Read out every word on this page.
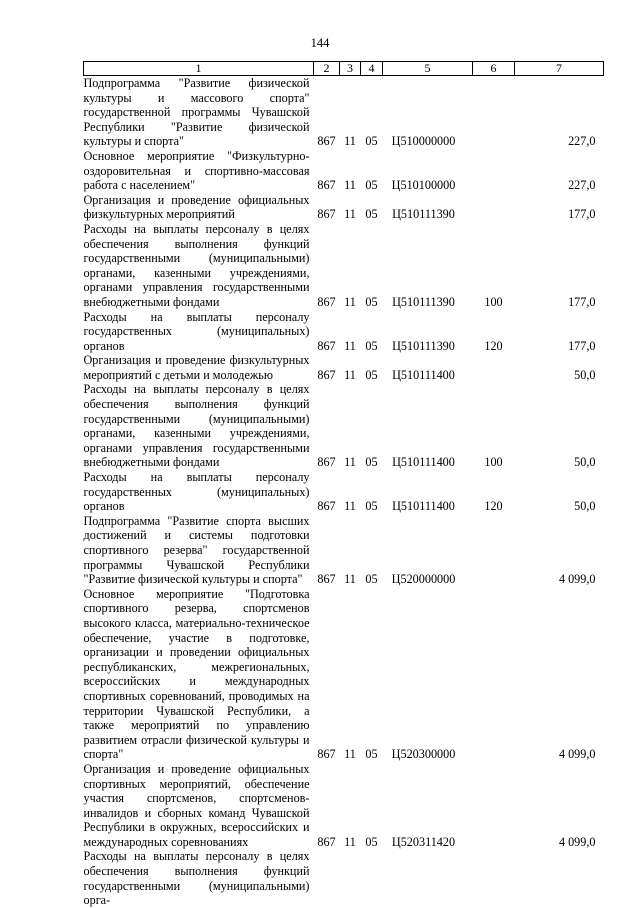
144
1	2	3	4	5	6	7
Подпрограмма "Развитие физической культуры и массового спорта" государственной программы Чувашской Республики "Развитие физической культуры и спорта"	867	11	05	Ц510000000		227,0
Основное мероприятие "Физкультурно-оздоровительная и спортивно-массовая работа с населением"	867	11	05	Ц510100000		227,0
Организация и проведение официальных физкультурных мероприятий	867	11	05	Ц510111390		177,0
Расходы на выплаты персоналу в целях обеспечения выполнения функций государственными (муниципальными) органами, казенными учреждениями, органами управления государственными внебюджетными фондами	867	11	05	Ц510111390	100	177,0
Расходы на выплаты персоналу государственных (муниципальных) органов	867	11	05	Ц510111390	120	177,0
Организация и проведение физкультурных мероприятий с детьми и молодежью	867	11	05	Ц510111400		50,0
Расходы на выплаты персоналу в целях обеспечения выполнения функций государственными (муниципальными) органами, казенными учреждениями, органами управления государственными внебюджетными фондами	867	11	05	Ц510111400	100	50,0
Расходы на выплаты персоналу государственных (муниципальных) органов	867	11	05	Ц510111400	120	50,0
Подпрограмма "Развитие спорта высших достижений и системы подготовки спортивного резерва" государственной программы Чувашской Республики "Развитие физической культуры и спорта"	867	11	05	Ц520000000		4 099,0
Основное мероприятие "Подготовка спортивного резерва, спортсменов высокого класса, материально-техническое обеспечение, участие в подготовке, организации и проведении официальных республиканских, межрегиональных, всероссийских и международных спортивных соревнований, проводимых на территории Чувашской Республики, а также мероприятий по управлению развитием отрасли физической культуры и спорта"	867	11	05	Ц520300000		4 099,0
Организация и проведение официальных спортивных мероприятий, обеспечение участия спортсменов, спортсменов-инвалидов и сборных команд Чувашской Республики в окружных, всероссийских и международных соревнованиях	867	11	05	Ц520311420		4 099,0
Расходы на выплаты персоналу в целях обеспечения выполнения функций государственными (муниципальными) орга-						
